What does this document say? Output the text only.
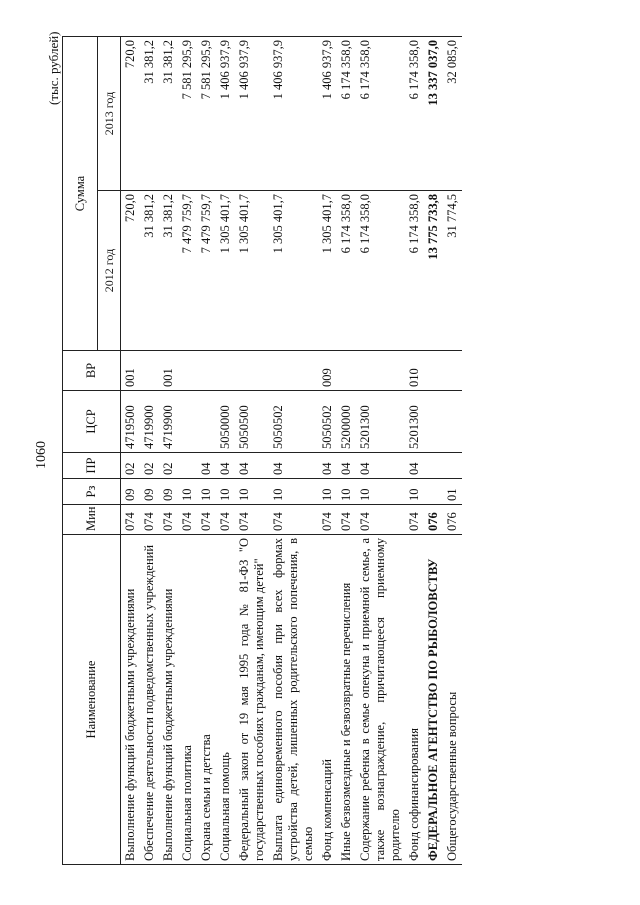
1060
(тыс. рублей)
Наименование	Мин	Рз	ПР	ЦСР	ВР	Сумма	
						2012 год	2013 год
Выполнение функций бюджетными учреждениями	074	09	02	4719500	001	720,0	720,0
Обеспечение деятельности подведомственных учреждений	074	09	02	4719900		31 381,2	31 381,2
Выполнение функций бюджетными учреждениями	074	09	02	4719900	001	31 381,2	31 381,2
Социальная политика	074	10				7 479 759,7	7 581 295,9
Охрана семьи и детства	074	10	04			7 479 759,7	7 581 295,9
Социальная помощь	074	10	04	5050000		1 305 401,7	1 406 937,9
Федеральный закон от 19 мая 1995 года № 81-ФЗ "О государственных пособиях гражданам, имеющим детей"	074	10	04	5050500		1 305 401,7	1 406 937,9
Выплата единовременного пособия при всех формах устройства детей, лишенных родительского попечения, в семью	074	10	04	5050502		1 305 401,7	1 406 937,9
Фонд компенсаций	074	10	04	5050502	009	1 305 401,7	1 406 937,9
Иные безвозмездные и безвозвратные перечисления	074	10	04	5200000		6 174 358,0	6 174 358,0
Содержание ребенка в семье опекуна и приемной семье, а также вознаграждение, причитающееся приемному родителю	074	10	04	5201300		6 174 358,0	6 174 358,0
Фонд софинансирования	074	10	04	5201300	010	6 174 358,0	6 174 358,0
ФЕДЕРАЛЬНОЕ АГЕНТСТВО ПО РЫБОЛОВСТВУ	076					13 775 733,8	13 337 037,0
Общегосударственные вопросы	076	01				31 774,5	32 085,0
